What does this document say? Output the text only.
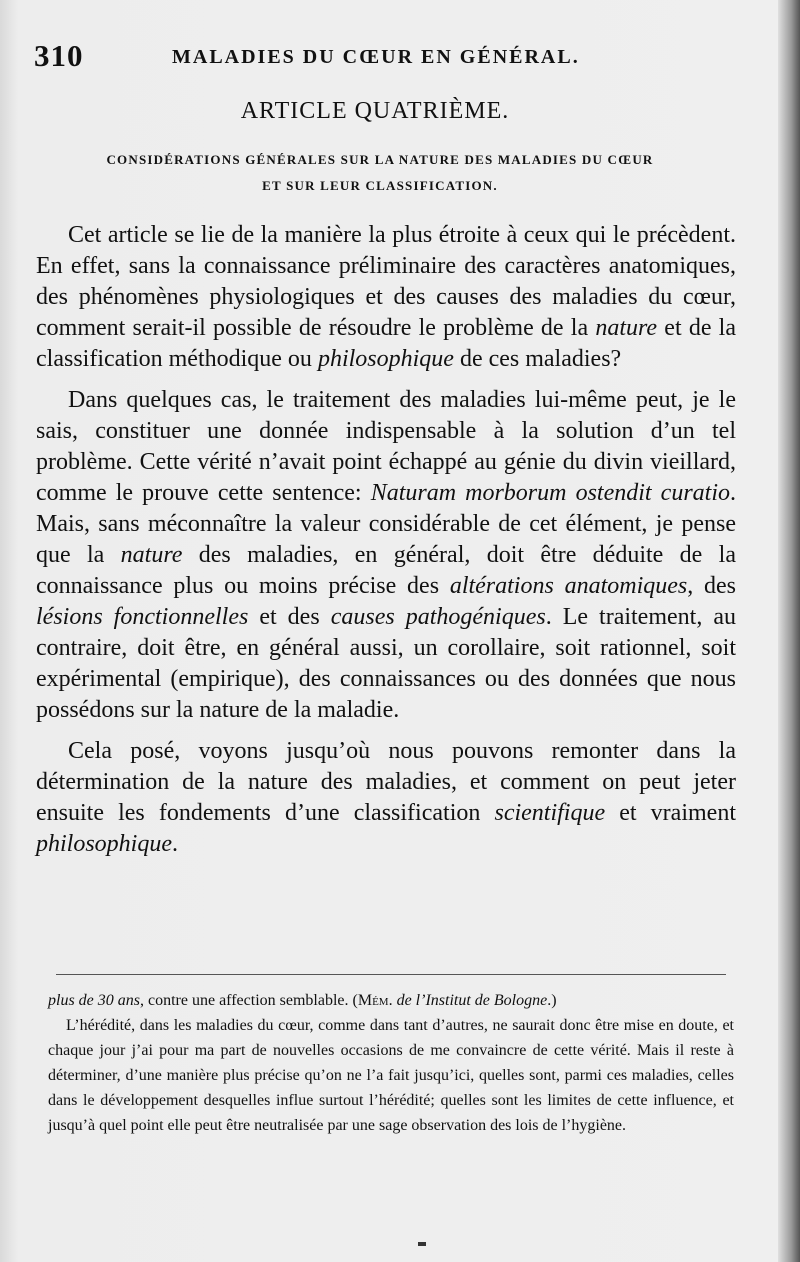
310	MALADIES DU CŒUR EN GÉNÉRAL.
ARTICLE QUATRIÈME.
CONSIDÉRATIONS GÉNÉRALES SUR LA NATURE DES MALADIES DU CŒUR
ET SUR LEUR CLASSIFICATION.

Cet article se lie de la manière la plus étroite à ceux qui le précèdent. En effet, sans la connaissance préliminaire des caractères anatomiques, des phénomènes physiologiques et des causes des maladies du cœur, comment serait-il possible de résoudre le problème de la nature et de la classification méthodique ou philosophique de ces maladies?

Dans quelques cas, le traitement des maladies lui-même peut, je le sais, constituer une donnée indispensable à la solution d’un tel problème. Cette vérité n’avait point échappé au génie du divin vieillard, comme le prouve cette sentence: Naturam morborum ostendit curatio. Mais, sans méconnaître la valeur considérable de cet élément, je pense que la nature des maladies, en général, doit être déduite de la connaissance plus ou moins précise des altérations anatomiques, des lésions fonctionnelles et des causes pathogéniques. Le traitement, au contraire, doit être, en général aussi, un corollaire, soit rationnel, soit expérimental (empirique), des connaissances ou des données que nous possédons sur la nature de la maladie.

Cela posé, voyons jusqu’où nous pouvons remonter dans la détermination de la nature des maladies, et comment on peut jeter ensuite les fondements d’une classification scientifique et vraiment philosophique.

plus de 30 ans, contre une affection semblable. (Mém. de l’Institut de Bologne.)

L’hérédité, dans les maladies du cœur, comme dans tant d’autres, ne saurait donc être mise en doute, et chaque jour j’ai pour ma part de nouvelles occasions de me convaincre de cette vérité. Mais il reste à déterminer, d’une manière plus précise qu’on ne l’a fait jusqu’ici, quelles sont, parmi ces maladies, celles dans le développement desquelles influe surtout l’hérédité; quelles sont les limites de cette influence, et jusqu’à quel point elle peut être neutralisée par une sage observation des lois de l’hygiène.
